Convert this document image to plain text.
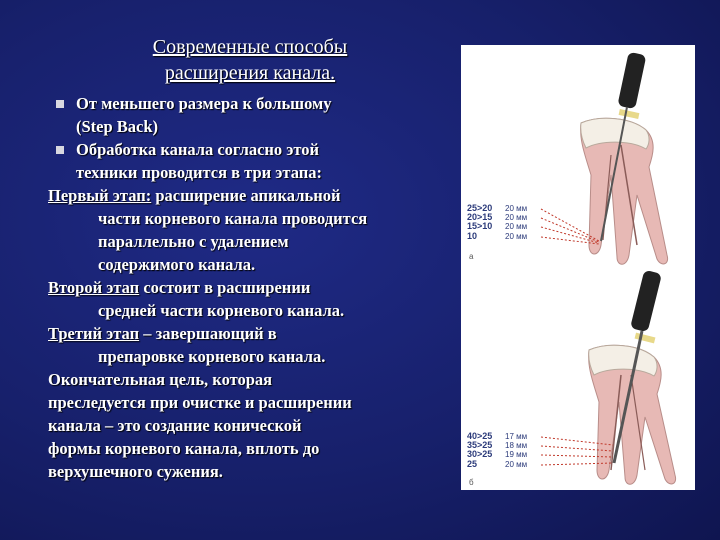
Современные способы
расширения канала.
От меньшего размера к большому
(Step Back)
Обработка канала согласно этой
техники проводится в три этапа:
Первый этап: расширение апикальной
части корневого канала проводится
параллельно с удалением
содержимого канала.
Второй этап состоит в расширении
средней части корневого канала.
Третий этап – завершающий в
препаровке корневого канала.
Окончательная цель, которая
преследуется при очистке и расширении
канала – это создание конической
формы корневого канала, вплоть до
верхушечного сужения.
25>20 20 мм
20>15 20 мм
15>10 20 мм
10	20 мм
a
40>25 17 мм
35>25 18 мм
30>25 19 мм
25	20 мм
б
